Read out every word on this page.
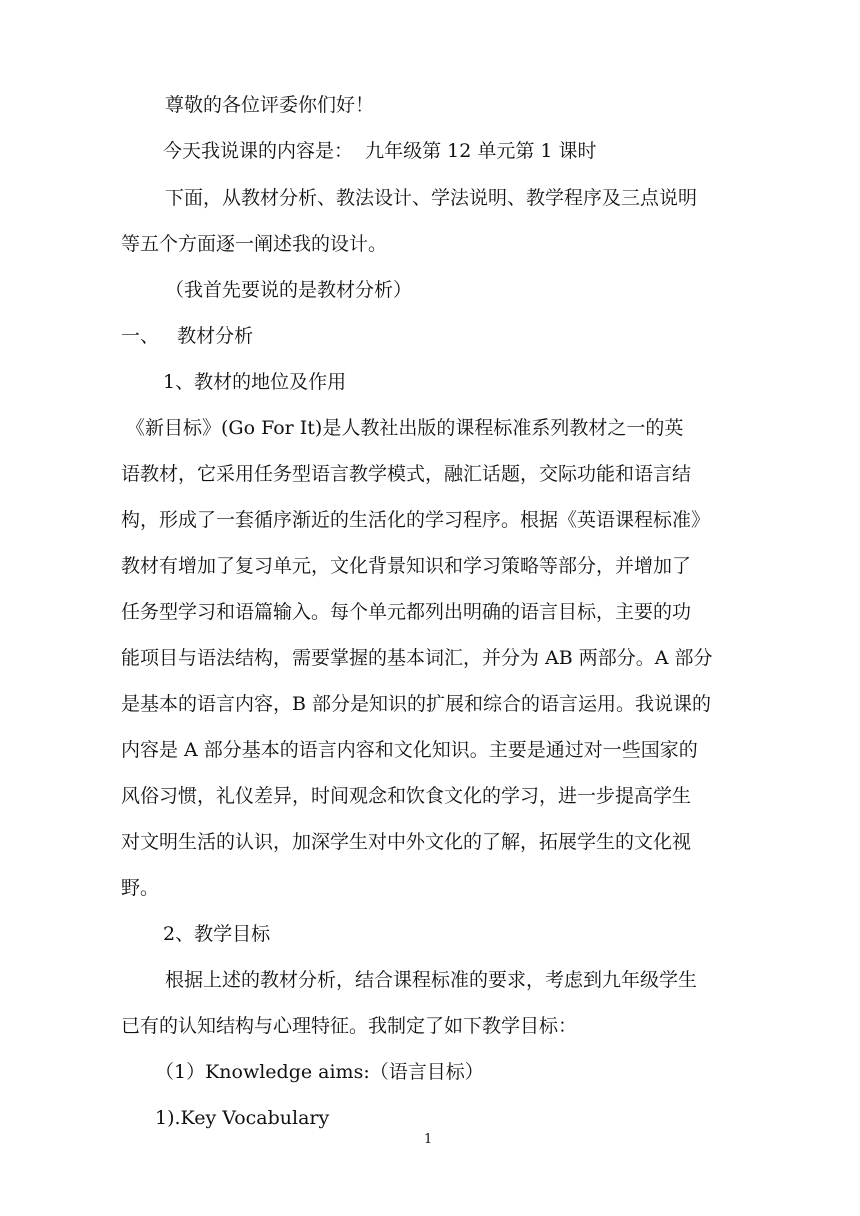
尊敬的各位评委你们好！
今天我说课的内容是：  九年级第 12 单元第 1 课时
下面，从教材分析、教法设计、学法说明、教学程序及三点说明
等五个方面逐一阐述我的设计。
（我首先要说的是教材分析）
一、   教材分析
1、教材的地位及作用
《新目标》(Go For It)是人教社出版的课程标准系列教材之一的英
语教材，它采用任务型语言教学模式，融汇话题，交际功能和语言结
构，形成了一套循序渐近的生活化的学习程序。根据《英语课程标准》
教材有增加了复习单元，文化背景知识和学习策略等部分，并增加了
任务型学习和语篇输入。每个单元都列出明确的语言目标，主要的功
能项目与语法结构，需要掌握的基本词汇，并分为 AB 两部分。A 部分
是基本的语言内容，B 部分是知识的扩展和综合的语言运用。我说课的
内容是 A 部分基本的语言内容和文化知识。主要是通过对一些国家的
风俗习惯，礼仪差异，时间观念和饮食文化的学习，进一步提高学生
对文明生活的认识，加深学生对中外文化的了解，拓展学生的文化视
野。
2、教学目标
根据上述的教材分析，结合课程标准的要求，考虑到九年级学生
已有的认知结构与心理特征。我制定了如下教学目标：
（1）Knowledge aims:（语言目标）
1).Key Vocabulary
1
